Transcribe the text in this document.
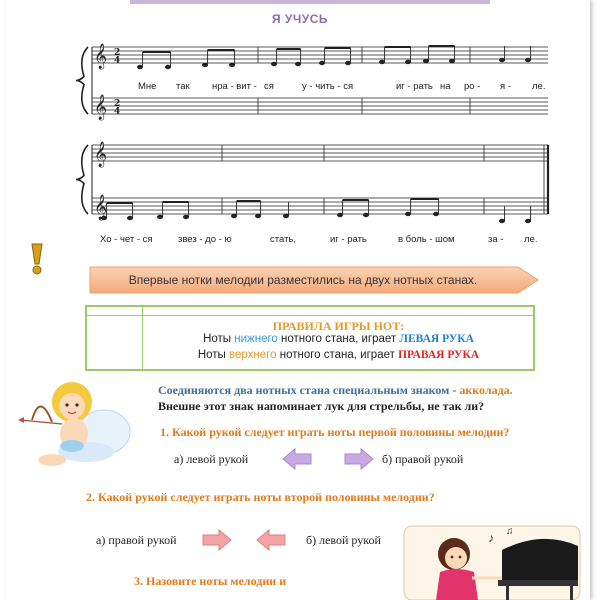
Я УЧУСЬ
𝄞
𝄞
𝄞
𝄞
2
4
2
4
Мне так нра - вит - ся	у - чить - ся	иг - рать на ро - я - ле.
Хо - чет - ся	звез - до - ю	стать,	иг - рать	в боль - шом	за - ле.
Впервые нотки мелодии разместились на двух нотных станах.
ПРАВИЛА ИГРЫ НОТ:
Ноты нижнего нотного стана, играет ЛЕВАЯ РУКА
Ноты верхнего нотного стана, играет ПРАВАЯ РУКА
Соединяются два нотных стана специальным знаком - акколада.
Внешне этот знак напоминает лук для стрельбы, не так ли?
1. Какой рукой следует играть ноты первой половины мелодии?
а) левой рукой	б) правой рукой
2. Какой рукой следует играть ноты второй половины мелодии?
а) правой рукой	б) левой рукой
3. Назовите ноты мелодии и
♪ ♫
